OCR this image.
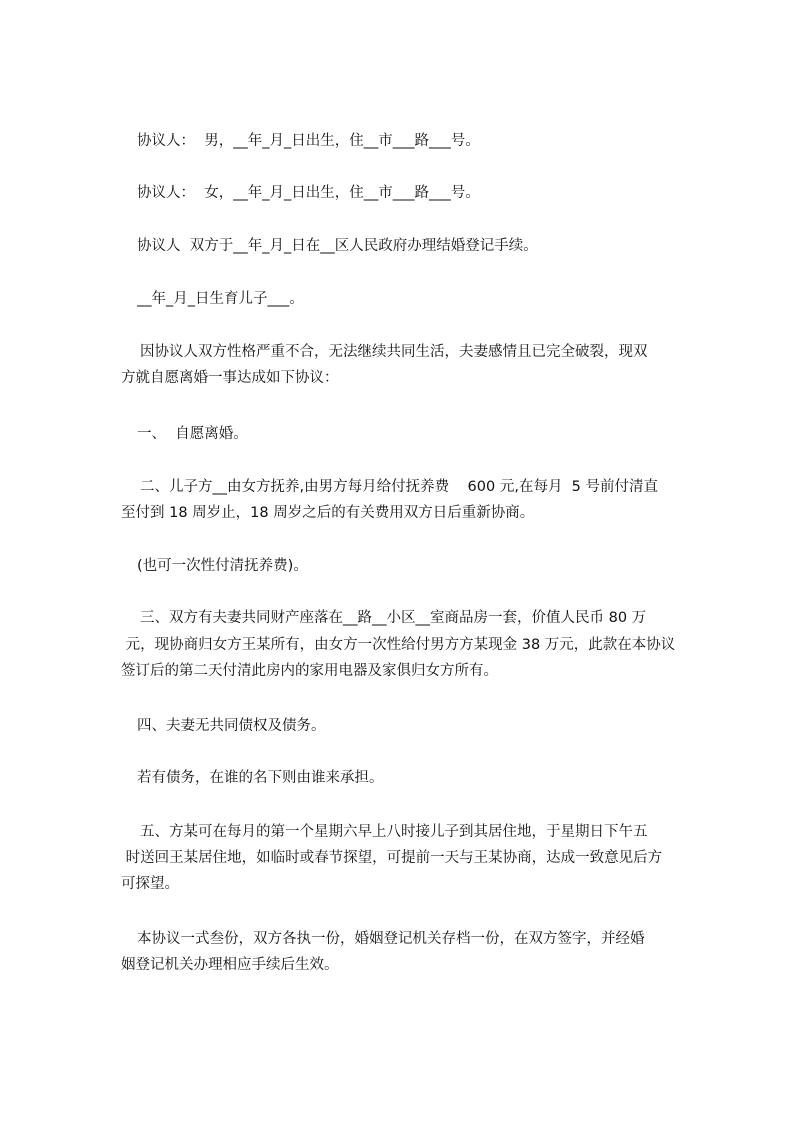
协议人：  男，__年_月_日出生，住__市___路___号。
协议人：  女，__年_月_日出生，住__市___路___号。
协议人  双方于__年_月_日在__区人民政府办理结婚登记手续。
__年_月_日生育儿子___。
因协议人双方性格严重不合，无法继续共同生活，夫妻感情且已完全破裂，现双
方就自愿离婚一事达成如下协议：
一、  自愿离婚。
二、儿子方__由女方抚养,由男方每月给付抚养费    600 元,在每月  5 号前付清直
至付到 18 周岁止，18 周岁之后的有关费用双方日后重新协商。
(也可一次性付清抚养费)。
三、双方有夫妻共同财产座落在__路__小区__室商品房一套，价值人民币 80 万
元，现协商归女方王某所有，由女方一次性给付男方方某现金 38 万元，此款在本协议
签订后的第二天付清此房内的家用电器及家俱归女方所有。
四、夫妻无共同债权及债务。
若有债务，在谁的名下则由谁来承担。
五、方某可在每月的第一个星期六早上八时接儿子到其居住地，于星期日下午五
时送回王某居住地，如临时或春节探望，可提前一天与王某协商，达成一致意见后方
可探望。
本协议一式叁份，双方各执一份，婚姻登记机关存档一份，在双方签字，并经婚
姻登记机关办理相应手续后生效。
